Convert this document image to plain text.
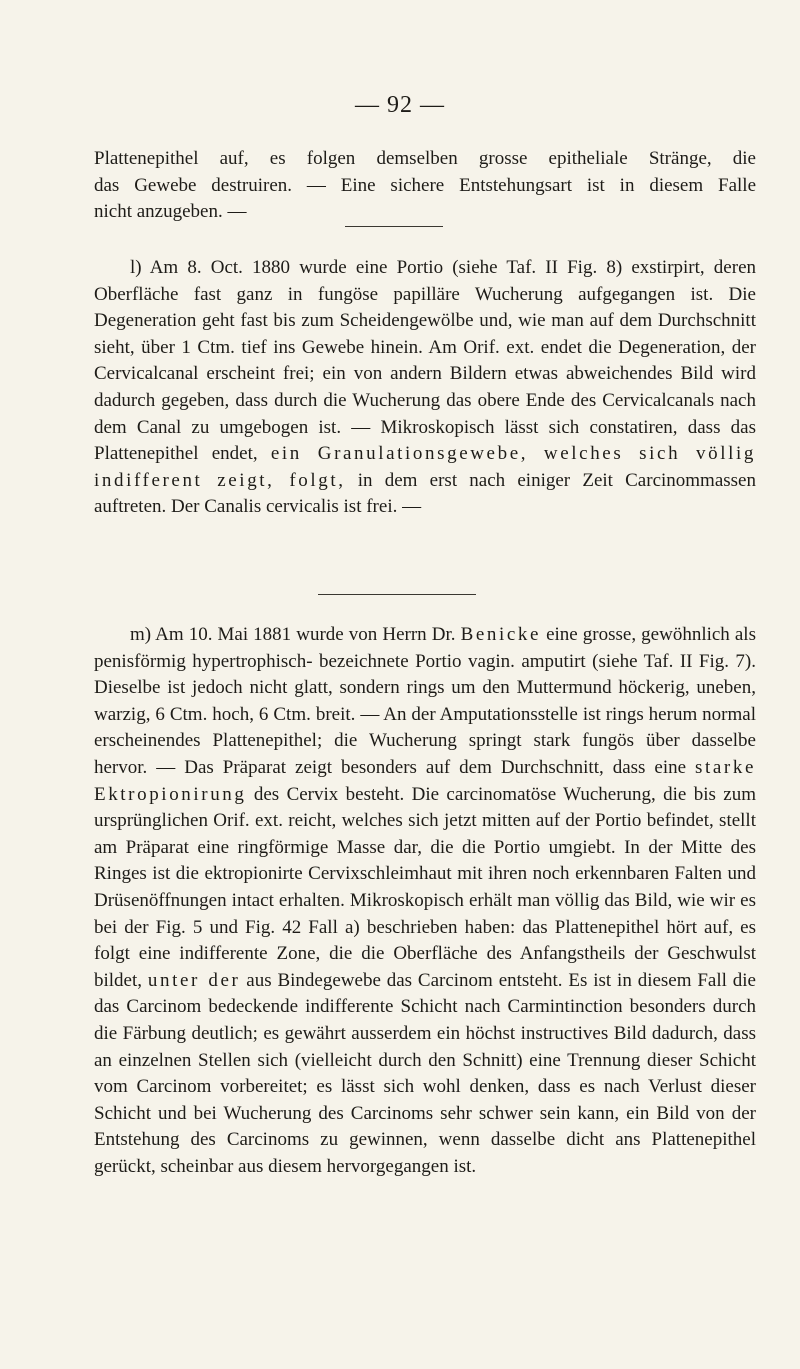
— 92 —

Plattenepithel auf, es folgen demselben grosse epitheliale Stränge, die

das Gewebe destruiren. — Eine sichere Entstehungsart ist in diesem Falle

nicht anzugeben. —

l) Am 8. Oct. 1880 wurde eine Portio (siehe Taf. II Fig. 8) exstirpirt, deren Oberfläche fast ganz in fungöse papilläre Wucherung aufgegangen ist. Die Degeneration geht fast bis zum Scheidengewölbe und, wie man auf dem Durchschnitt sieht, über 1 Ctm. tief ins Gewebe hinein. Am Orif. ext. endet die Degeneration, der Cervicalcanal erscheint frei; ein von andern Bildern etwas abweichendes Bild wird dadurch gegeben, dass durch die Wucherung das obere Ende des Cervicalcanals nach dem Canal zu umgebogen ist. — Mikroskopisch lässt sich constatiren, dass das Plattenepithel endet, ein Granulationsgewebe, welches sich völlig indifferent zeigt, folgt, in dem erst nach einiger Zeit Carcinommassen auftreten. Der Canalis cervicalis ist frei. —

m) Am 10. Mai 1881 wurde von Herrn Dr. Benicke eine grosse, gewöhnlich als penisförmig hypertrophisch- bezeichnete Portio vagin. amputirt (siehe Taf. II Fig. 7). Dieselbe ist jedoch nicht glatt, sondern rings um den Muttermund höckerig, uneben, warzig, 6 Ctm. hoch, 6 Ctm. breit. — An der Amputationsstelle ist rings herum normal erscheinendes Plattenepithel; die Wucherung springt stark fungös über dasselbe hervor. — Das Präparat zeigt besonders auf dem Durchschnitt, dass eine starke Ektropionirung des Cervix besteht. Die carcinomatöse Wucherung, die bis zum ursprünglichen Orif. ext. reicht, welches sich jetzt mitten auf der Portio befindet, stellt am Präparat eine ringförmige Masse dar, die die Portio umgiebt. In der Mitte des Ringes ist die ektropionirte Cervixschleimhaut mit ihren noch erkennbaren Falten und Drüsenöffnungen intact erhalten. Mikroskopisch erhält man völlig das Bild, wie wir es bei der Fig. 5 und Fig. 42 Fall a) beschrieben haben: das Plattenepithel hört auf, es folgt eine indifferente Zone, die die Oberfläche des Anfangstheils der Geschwulst bildet, unter der aus Bindegewebe das Carcinom entsteht. Es ist in diesem Fall die das Carcinom bedeckende indifferente Schicht nach Carmintinction besonders durch die Färbung deutlich; es gewährt ausserdem ein höchst instructives Bild dadurch, dass an einzelnen Stellen sich (vielleicht durch den Schnitt) eine Trennung dieser Schicht vom Carcinom vorbereitet; es lässt sich wohl denken, dass es nach Verlust dieser Schicht und bei Wucherung des Carcinoms sehr schwer sein kann, ein Bild von der Entstehung des Carcinoms zu gewinnen, wenn dasselbe dicht ans Plattenepithel gerückt, scheinbar aus diesem hervorgegangen ist.
